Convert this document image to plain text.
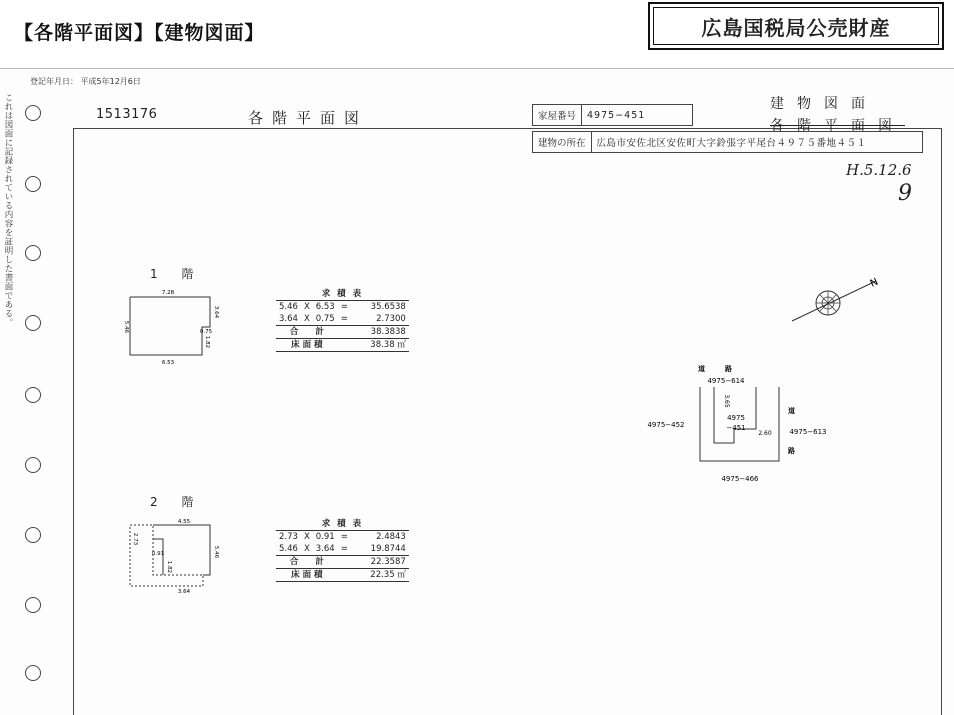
【各階平面図】【建物図面】	広島国税局公売財産
登記年月日： 平成5年12月6日
これは図面に記録されている内容を証明した書面である。	1513176	各階平面図	家屋番号	4975−451
建物の所在	広島市安佐北区安佐町大字鈴張字平尾台４９７５番地４５１
建物図面
各階平面図
H.5.12.6
9
1 階
7.28
5.46
3.64
0.75
1.82
6.53
求 積 表				
5.46	X	6.53	=	35.6538
3.64	X	0.75	=	2.7300
合　　計			38.3838	
床 面 積			38.38 ㎡	
2 階
4.55
2.73
0.91
1.82
5.46
3.64
求 積 表				
2.73	X	0.91	=	2.4843
5.46	X	3.64	=	19.8744
合　　計			22.3587	
床 面 積			22.35 ㎡	
N
道　　路
4975−614
3.65
4975
−451
2.60
4975−452
道
4975−613
路
4975−466
